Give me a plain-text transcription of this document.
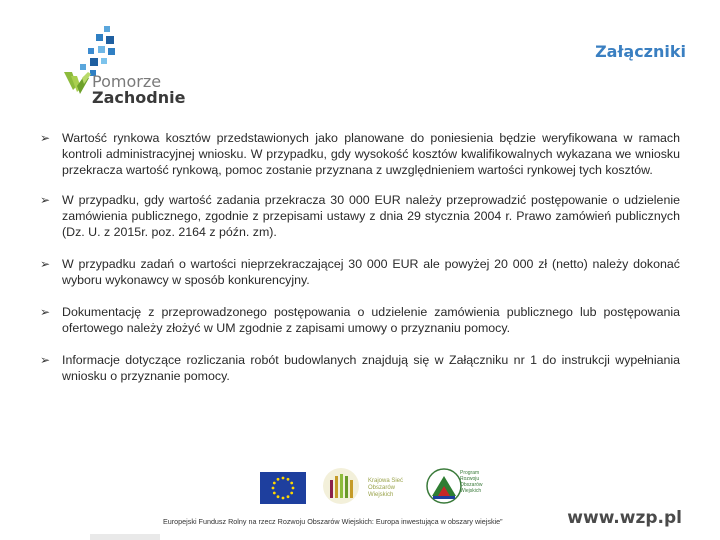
Pomorze
Zachodnie
Załączniki
➢ Wartość rynkowa kosztów przedstawionych jako planowane do poniesienia będzie weryfikowana w ramach kontroli administracyjnej wniosku. W przypadku, gdy wysokość kosztów kwalifikowalnych wykazana we wniosku przekracza wartość rynkową, pomoc zostanie przyznana z uwzględnieniem wartości rynkowej tych kosztów.
➢ W przypadku, gdy wartość zadania przekracza 30 000 EUR należy przeprowadzić postępowanie o udzielenie zamówienia publicznego, zgodnie z przepisami ustawy z dnia 29 stycznia 2004 r. Prawo zamówień publicznych (Dz. U. z 2015r. poz. 2164 z późn. zm).
➢ W przypadku zadań o wartości nieprzekraczającej 30 000 EUR ale powyżej 20 000 zł (netto) należy dokonać wyboru wykonawcy w sposób konkurencyjny.
➢ Dokumentację z przeprowadzonego postępowania o udzielenie zamówienia publicznego lub postępowania ofertowego należy złożyć w UM zgodnie z zapisami umowy o przyznaniu pomocy.
➢ Informacje dotyczące rozliczania robót budowlanych znajdują się w Załączniku nr 1 do instrukcji wypełniania wniosku o przyznanie pomocy.
Krajowa Sieć Obszarów Wiejskich
Program Rozwoju Obszarów Wiejskich
Europejski Fundusz Rolny na rzecz Rozwoju Obszarów Wiejskich: Europa inwestująca w obszary wiejskie”	www.wzp.pl
